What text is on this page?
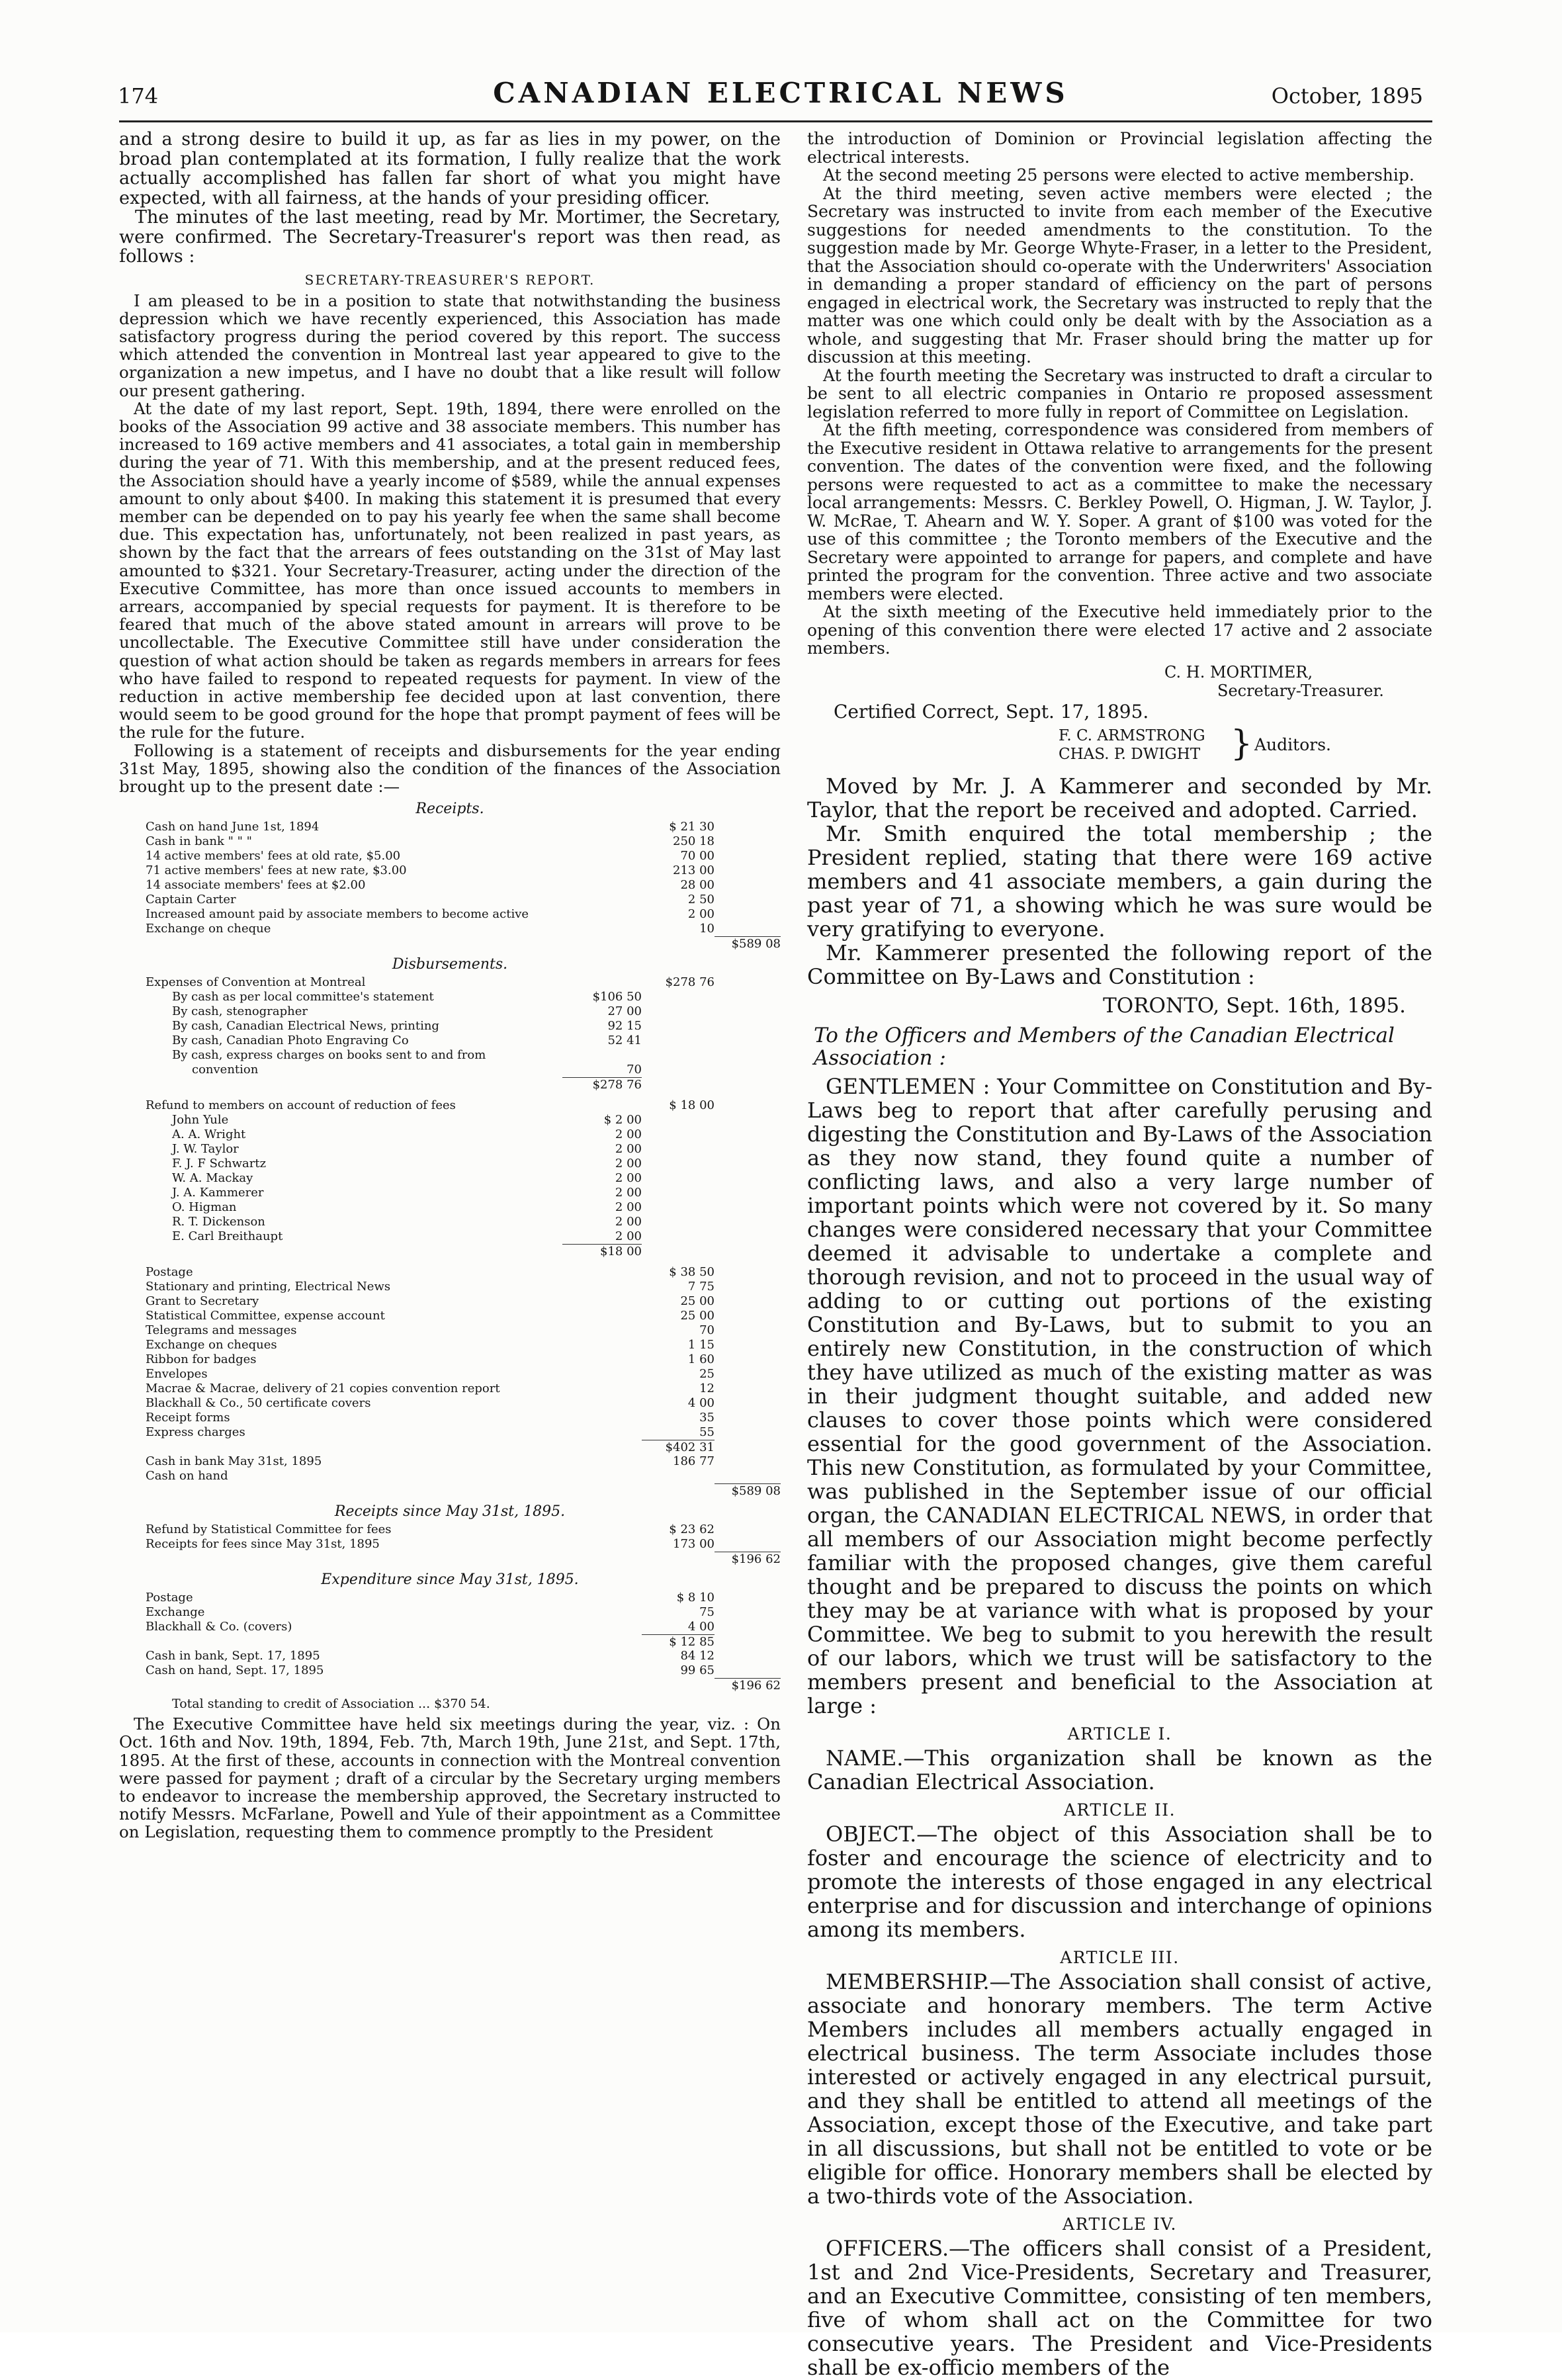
174	CANADIAN ELECTRICAL NEWS	October, 1895

and a strong desire to build it up, as far as lies in my power, on the broad plan contemplated at its formation, I fully realize that the work actually accomplished has fallen far short of what you might have expected, with all fairness, at the hands of your presiding officer.

The minutes of the last meeting, read by Mr. Mortimer, the Secretary, were confirmed. The Secretary-Treasurer's report was then read, as follows :

SECRETARY-TREASURER'S REPORT.

I am pleased to be in a position to state that notwithstanding the business depression which we have recently experienced, this Association has made satisfactory progress during the period covered by this report. The success which attended the convention in Montreal last year appeared to give to the organization a new impetus, and I have no doubt that a like result will follow our present gathering.

At the date of my last report, Sept. 19th, 1894, there were enrolled on the books of the Association 99 active and 38 associate members. This number has increased to 169 active members and 41 associates, a total gain in membership during the year of 71. With this membership, and at the present reduced fees, the Association should have a yearly income of $589, while the annual expenses amount to only about $400. In making this statement it is presumed that every member can be depended on to pay his yearly fee when the same shall become due. This expectation has, unfortunately, not been realized in past years, as shown by the fact that the arrears of fees outstanding on the 31st of May last amounted to $321. Your Secretary-Treasurer, acting under the direction of the Executive Committee, has more than once issued accounts to members in arrears, accompanied by special requests for payment. It is therefore to be feared that much of the above stated amount in arrears will prove to be uncollectable. The Executive Committee still have under consideration the question of what action should be taken as regards members in arrears for fees who have failed to respond to repeated requests for payment. In view of the reduction in active membership fee decided upon at last convention, there would seem to be good ground for the hope that prompt payment of fees will be the rule for the future.

Following is a statement of receipts and disbursements for the year ending 31st May, 1895, showing also the condition of the finances of the Association brought up to the present date :—

Receipts.
Cash on hand June 1st, 1894	$ 21 30
Cash in bank " " "	250 18
14 active members' fees at old rate, $5.00	70 00
71 active members' fees at new rate, $3.00	213 00
14 associate members' fees at $2.00	28 00
Captain Carter	2 50
Increased amount paid by associate members to become active	2 00
Exchange on cheque	10
$589 08
Disbursements.
Expenses of Convention at Montreal	$278 76
By cash as per local committee's statement	$106 50
By cash, stenographer	27 00
By cash, Canadian Electrical News, printing	92 15
By cash, Canadian Photo Engraving Co	52 41
By cash, express charges on books sent to and from
convention	70
$278 76
Refund to members on account of reduction of fees	$ 18 00
John Yule	$ 2 00
A. A. Wright	2 00
J. W. Taylor	2 00
F. J. F Schwartz	2 00
W. A. Mackay	2 00
J. A. Kammerer	2 00
O. Higman	2 00
R. T. Dickenson	2 00
E. Carl Breithaupt	2 00
$18 00
Postage	$ 38 50
Stationary and printing, Electrical News	7 75
Grant to Secretary	25 00
Statistical Committee, expense account	25 00
Telegrams and messages	70
Exchange on cheques	1 15
Ribbon for badges	1 60
Envelopes	25
Macrae & Macrae, delivery of 21 copies convention report	12
Blackhall & Co., 50 certificate covers	4 00
Receipt forms	35
Express charges	55
$402 31
Cash in bank May 31st, 1895	186 77
Cash on hand
$589 08
Receipts since May 31st, 1895.
Refund by Statistical Committee for fees	$ 23 62
Receipts for fees since May 31st, 1895	173 00
$196 62
Expenditure since May 31st, 1895.
Postage	$ 8 10
Exchange	75
Blackhall & Co. (covers)	4 00
$ 12 85
Cash in bank, Sept. 17, 1895	84 12
Cash on hand, Sept. 17, 1895	99 65
$196 62
Total standing to credit of Association ... $370 54.

The Executive Committee have held six meetings during the year, viz. : On Oct. 16th and Nov. 19th, 1894, Feb. 7th, March 19th, June 21st, and Sept. 17th, 1895. At the first of these, accounts in connection with the Montreal convention were passed for payment ; draft of a circular by the Secretary urging members to endeavor to increase the membership approved, the Secretary instructed to notify Messrs. McFarlane, Powell and Yule of their appointment as a Committee on Legislation, requesting them to commence promptly to the President

the introduction of Dominion or Provincial legislation affecting the electrical interests.

At the second meeting 25 persons were elected to active membership.

At the third meeting, seven active members were elected ; the Secretary was instructed to invite from each member of the Executive suggestions for needed amendments to the constitution. To the suggestion made by Mr. George Whyte-Fraser, in a letter to the President, that the Association should co-operate with the Underwriters' Association in demanding a proper standard of efficiency on the part of persons engaged in electrical work, the Secretary was instructed to reply that the matter was one which could only be dealt with by the Association as a whole, and suggesting that Mr. Fraser should bring the matter up for discussion at this meeting.

At the fourth meeting the Secretary was instructed to draft a circular to be sent to all electric companies in Ontario re proposed assessment legislation referred to more fully in report of Committee on Legislation.

At the fifth meeting, correspondence was considered from members of the Executive resident in Ottawa relative to arrangements for the present convention. The dates of the convention were fixed, and the following persons were requested to act as a committee to make the necessary local arrangements: Messrs. C. Berkley Powell, O. Higman, J. W. Taylor, J. W. McRae, T. Ahearn and W. Y. Soper. A grant of $100 was voted for the use of this committee ; the Toronto members of the Executive and the Secretary were appointed to arrange for papers, and complete and have printed the program for the convention. Three active and two associate members were elected.

At the sixth meeting of the Executive held immediately prior to the opening of this convention there were elected 17 active and 2 associate members.

C. H. MORTIMER,
Secretary-Treasurer.
Certified Correct, Sept. 17, 1895.
F. C. ARMSTRONG
CHAS. P. DWIGHT } Auditors.

Moved by Mr. J. A Kammerer and seconded by Mr. Taylor, that the report be received and adopted. Carried.

Mr. Smith enquired the total membership ; the President replied, stating that there were 169 active members and 41 associate members, a gain during the past year of 71, a showing which he was sure would be very gratifying to everyone.

Mr. Kammerer presented the following report of the Committee on By-Laws and Constitution :

TORONTO, Sept. 16th, 1895.
To the Officers and Members of the Canadian Electrical Association :

GENTLEMEN : Your Committee on Constitution and By-Laws beg to report that after carefully perusing and digesting the Constitution and By-Laws of the Association as they now stand, they found quite a number of conflicting laws, and also a very large number of important points which were not covered by it. So many changes were considered necessary that your Committee deemed it advisable to undertake a complete and thorough revision, and not to proceed in the usual way of adding to or cutting out portions of the existing Constitution and By-Laws, but to submit to you an entirely new Constitution, in the construction of which they have utilized as much of the existing matter as was in their judgment thought suitable, and added new clauses to cover those points which were considered essential for the good government of the Association. This new Constitution, as formulated by your Committee, was published in the September issue of our official organ, the CANADIAN ELECTRICAL NEWS, in order that all members of our Association might become perfectly familiar with the proposed changes, give them careful thought and be prepared to discuss the points on which they may be at variance with what is proposed by your Committee. We beg to submit to you herewith the result of our labors, which we trust will be satisfactory to the members present and beneficial to the Association at large :

ARTICLE I.

NAME.—This organization shall be known as the Canadian Electrical Association.

ARTICLE II.

OBJECT.—The object of this Association shall be to foster and encourage the science of electricity and to promote the interests of those engaged in any electrical enterprise and for discussion and interchange of opinions among its members.

ARTICLE III.

MEMBERSHIP.—The Association shall consist of active, associate and honorary members. The term Active Members includes all members actually engaged in electrical business. The term Associate includes those interested or actively engaged in any electrical pursuit, and they shall be entitled to attend all meetings of the Association, except those of the Executive, and take part in all discussions, but shall not be entitled to vote or be eligible for office. Honorary members shall be elected by a two-thirds vote of the Association.

ARTICLE IV.

OFFICERS.—The officers shall consist of a President, 1st and 2nd Vice-Presidents, Secretary and Treasurer, and an Executive Committee, consisting of ten members, five of whom shall act on the Committee for two consecutive years. The President and Vice-Presidents shall be ex-officio members of the
